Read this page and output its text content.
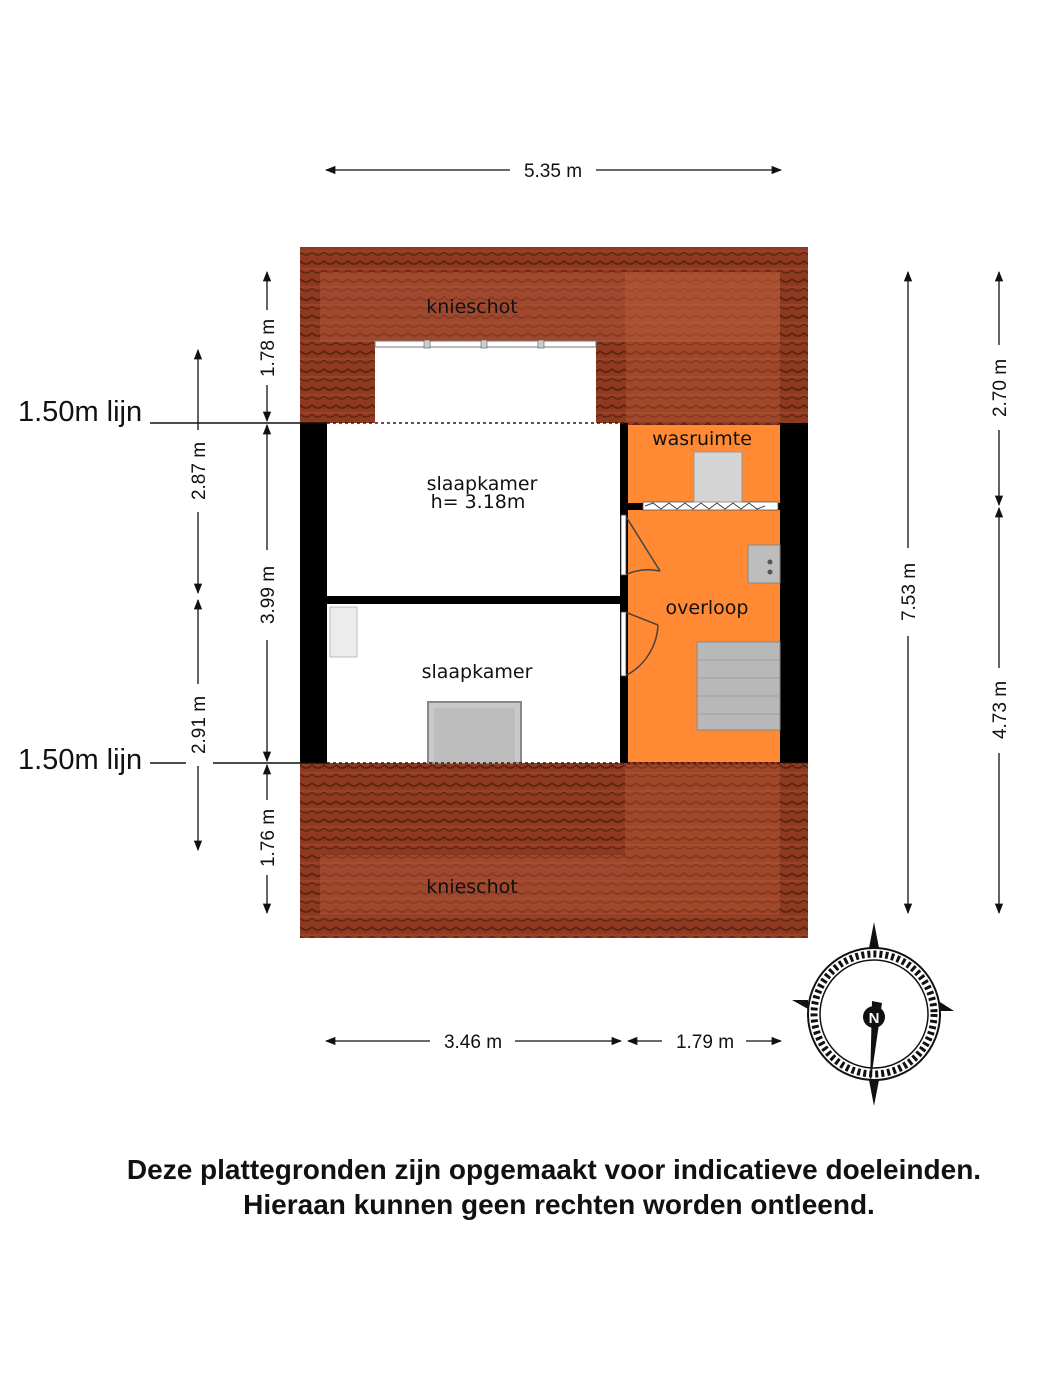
1.50m lijn
1.50m lijn
knieschot
slaapkamer
h= 3.18m
slaapkamer
wasruimte
overloop
knieschot
5.35 m
3.46 m	1.79 m
1.78 m
3.99 m
1.76 m
2.87 m
2.91 m
7.53 m
2.70 m
4.73 m
N
Deze plattegronden zijn opgemaakt voor indicatieve doeleinden.
Hieraan kunnen geen rechten worden ontleend.
